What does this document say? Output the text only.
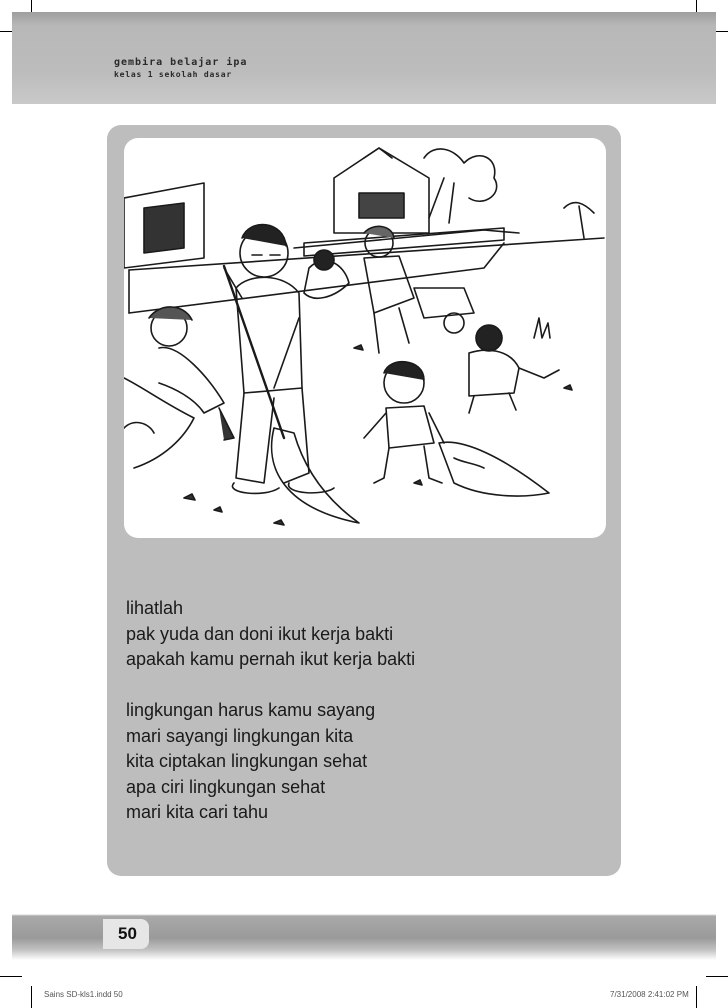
gembira belajar ipa

kelas 1 sekolah dasar

lihatlah
pak yuda dan doni ikut kerja bakti
apakah kamu pernah ikut kerja bakti
lingkungan harus kamu sayang
mari sayangi lingkungan kita
kita ciptakan lingkungan sehat
apa ciri lingkungan sehat
mari kita cari tahu

50

Sains SD-kls1.indd 50	7/31/2008 2:41:02 PM
